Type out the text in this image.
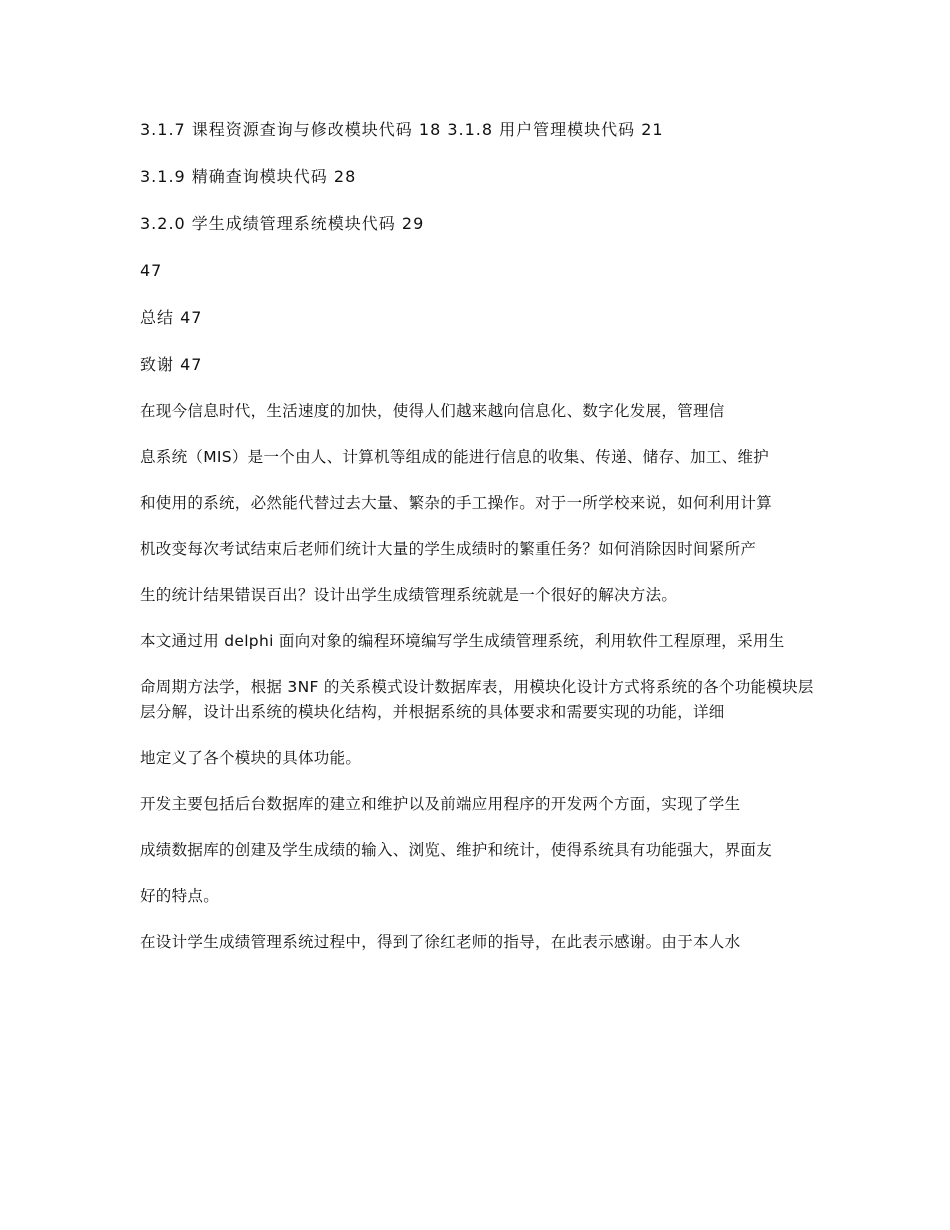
3.1.7 课程资源查询与修改模块代码 18 3.1.8 用户管理模块代码 21
3.1.9 精确查询模块代码 28
3.2.0 学生成绩管理系统模块代码 29
47
总结 47
致谢 47

在现今信息时代，生活速度的加快，使得人们越来越向信息化、数字化发展，管理信

息系统（MIS）是一个由人、计算机等组成的能进行信息的收集、传递、储存、加工、维护

和使用的系统，必然能代替过去大量、繁杂的手工操作。对于一所学校来说，如何利用计算

机改变每次考试结束后老师们统计大量的学生成绩时的繁重任务？如何消除因时间紧所产

生的统计结果错误百出？设计出学生成绩管理系统就是一个很好的解决方法。

本文通过用 delphi 面向对象的编程环境编写学生成绩管理系统，利用软件工程原理，采用生

命周期方法学，根据 3NF 的关系模式设计数据库表，用模块化设计方式将系统的各个功能模块层层分解，设计出系统的模块化结构，并根据系统的具体要求和需要实现的功能，详细

地定义了各个模块的具体功能。

开发主要包括后台数据库的建立和维护以及前端应用程序的开发两个方面，实现了学生

成绩数据库的创建及学生成绩的输入、浏览、维护和统计，使得系统具有功能强大，界面友

好的特点。

在设计学生成绩管理系统过程中，得到了徐红老师的指导，在此表示感谢。由于本人水
